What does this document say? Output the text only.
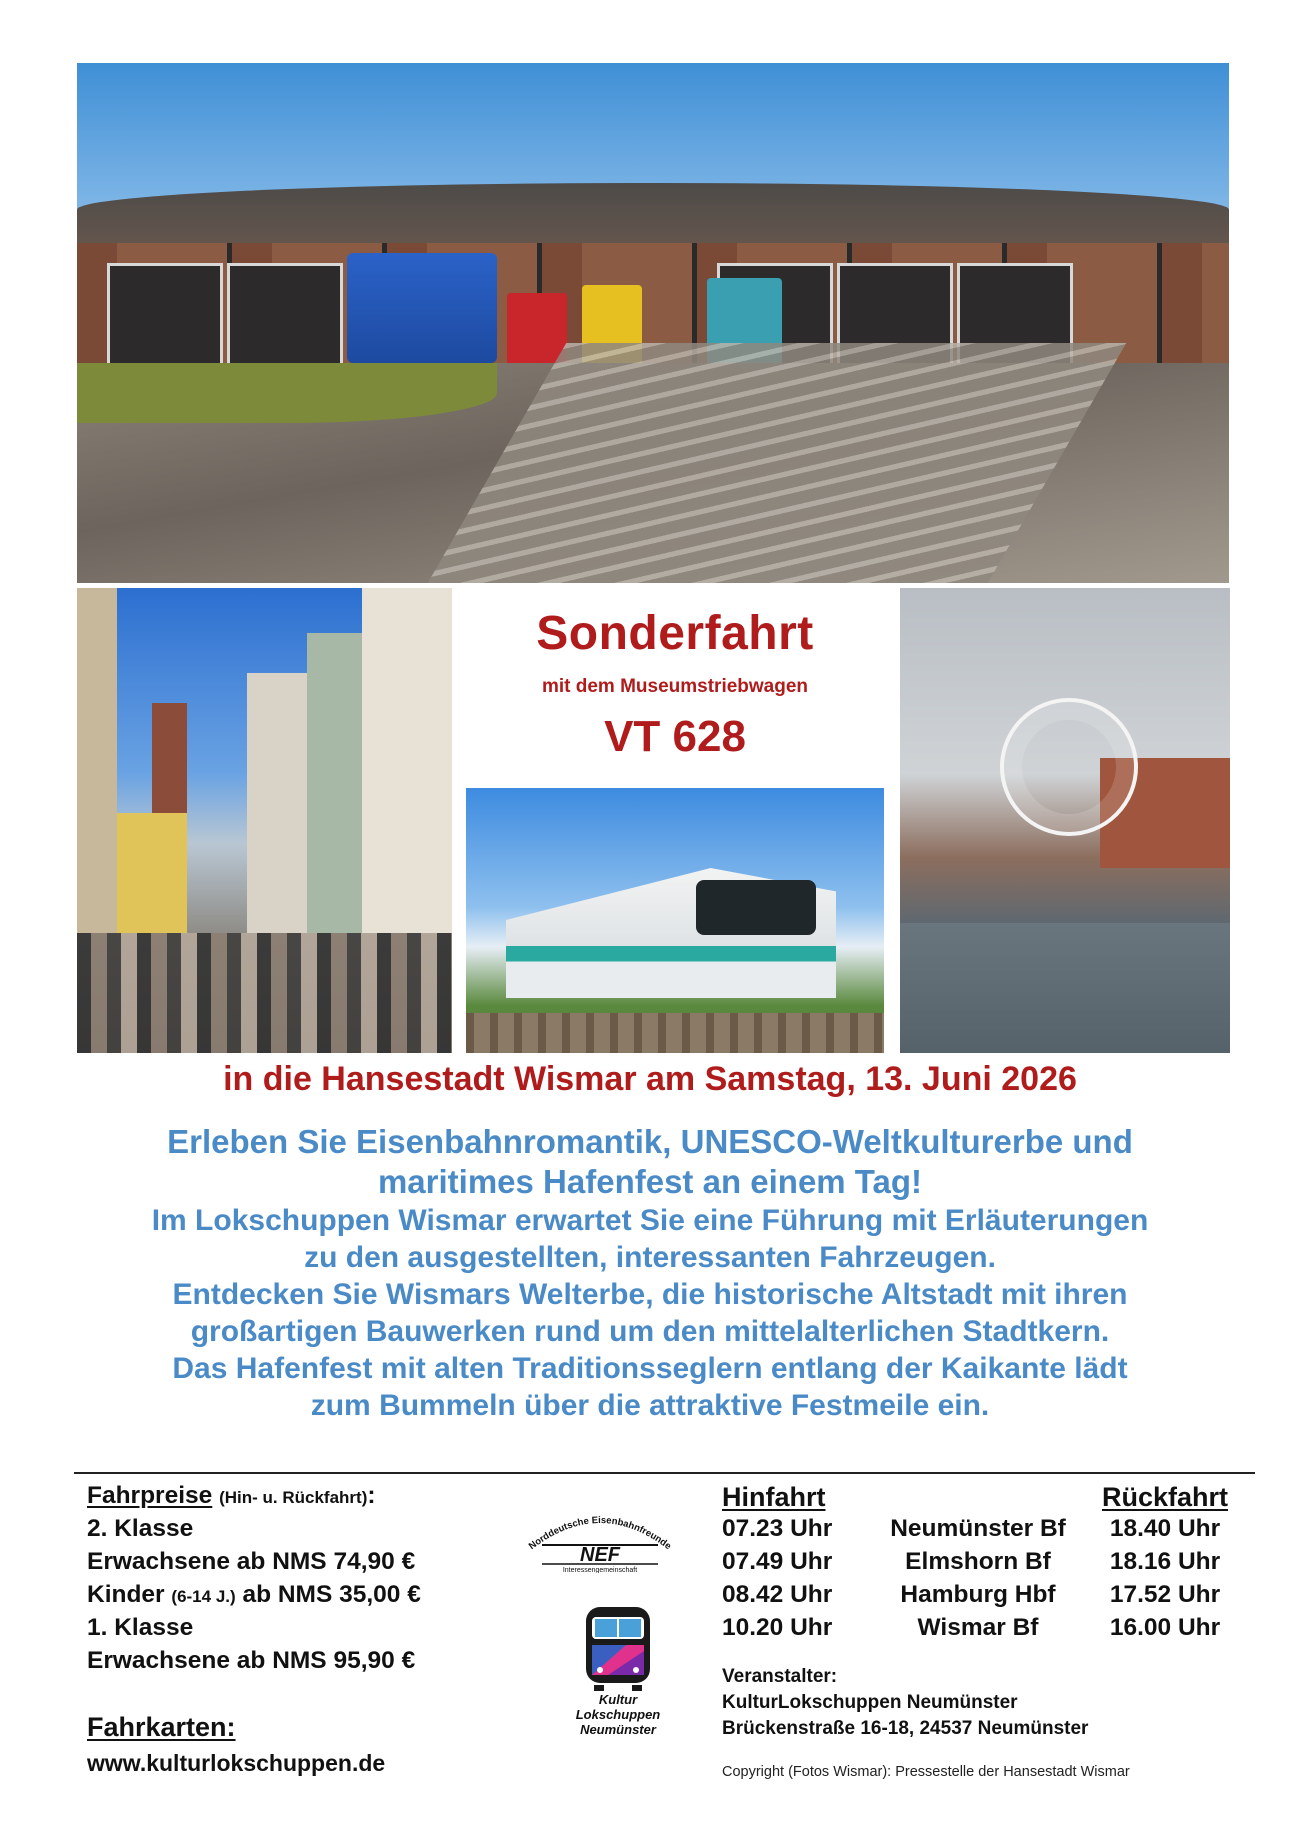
Sonderfahrt
mit dem Museumstriebwagen
VT 628
in die Hansestadt Wismar am Samstag, 13. Juni 2026
Erleben Sie Eisenbahnromantik, UNESCO-Weltkulturerbe und
maritimes Hafenfest an einem Tag!
Im Lokschuppen Wismar erwartet Sie eine Führung mit Erläuterungen
zu den ausgestellten, interessanten Fahrzeugen.
Entdecken Sie Wismars Welterbe, die historische Altstadt mit ihren
großartigen Bauwerken rund um den mittelalterlichen Stadtkern.
Das Hafenfest mit alten Traditionsseglern entlang der Kaikante lädt
zum Bummeln über die attraktive Festmeile ein.
Fahrpreise (Hin- u. Rückfahrt):
2. Klasse
Erwachsene ab NMS 74,90 €
Kinder (6-14 J.) ab NMS 35,00 €
1. Klasse
Erwachsene ab NMS 95,90 €
Fahrkarten:
www.kulturlokschuppen.de
Norddeutsche Eisenbahnfreunde
NEF
Interessengemeinschaft
Kultur
Lokschuppen
Neumünster
Hinfahrt	Rückfahrt
07.23 Uhr	Neumünster Bf	18.40 Uhr
07.49 Uhr	Elmshorn Bf	18.16 Uhr
08.42 Uhr	Hamburg Hbf	17.52 Uhr
10.20 Uhr	Wismar Bf	16.00 Uhr
Veranstalter:
KulturLokschuppen Neumünster
Brückenstraße 16-18, 24537 Neumünster
Copyright (Fotos Wismar): Pressestelle der Hansestadt Wismar
